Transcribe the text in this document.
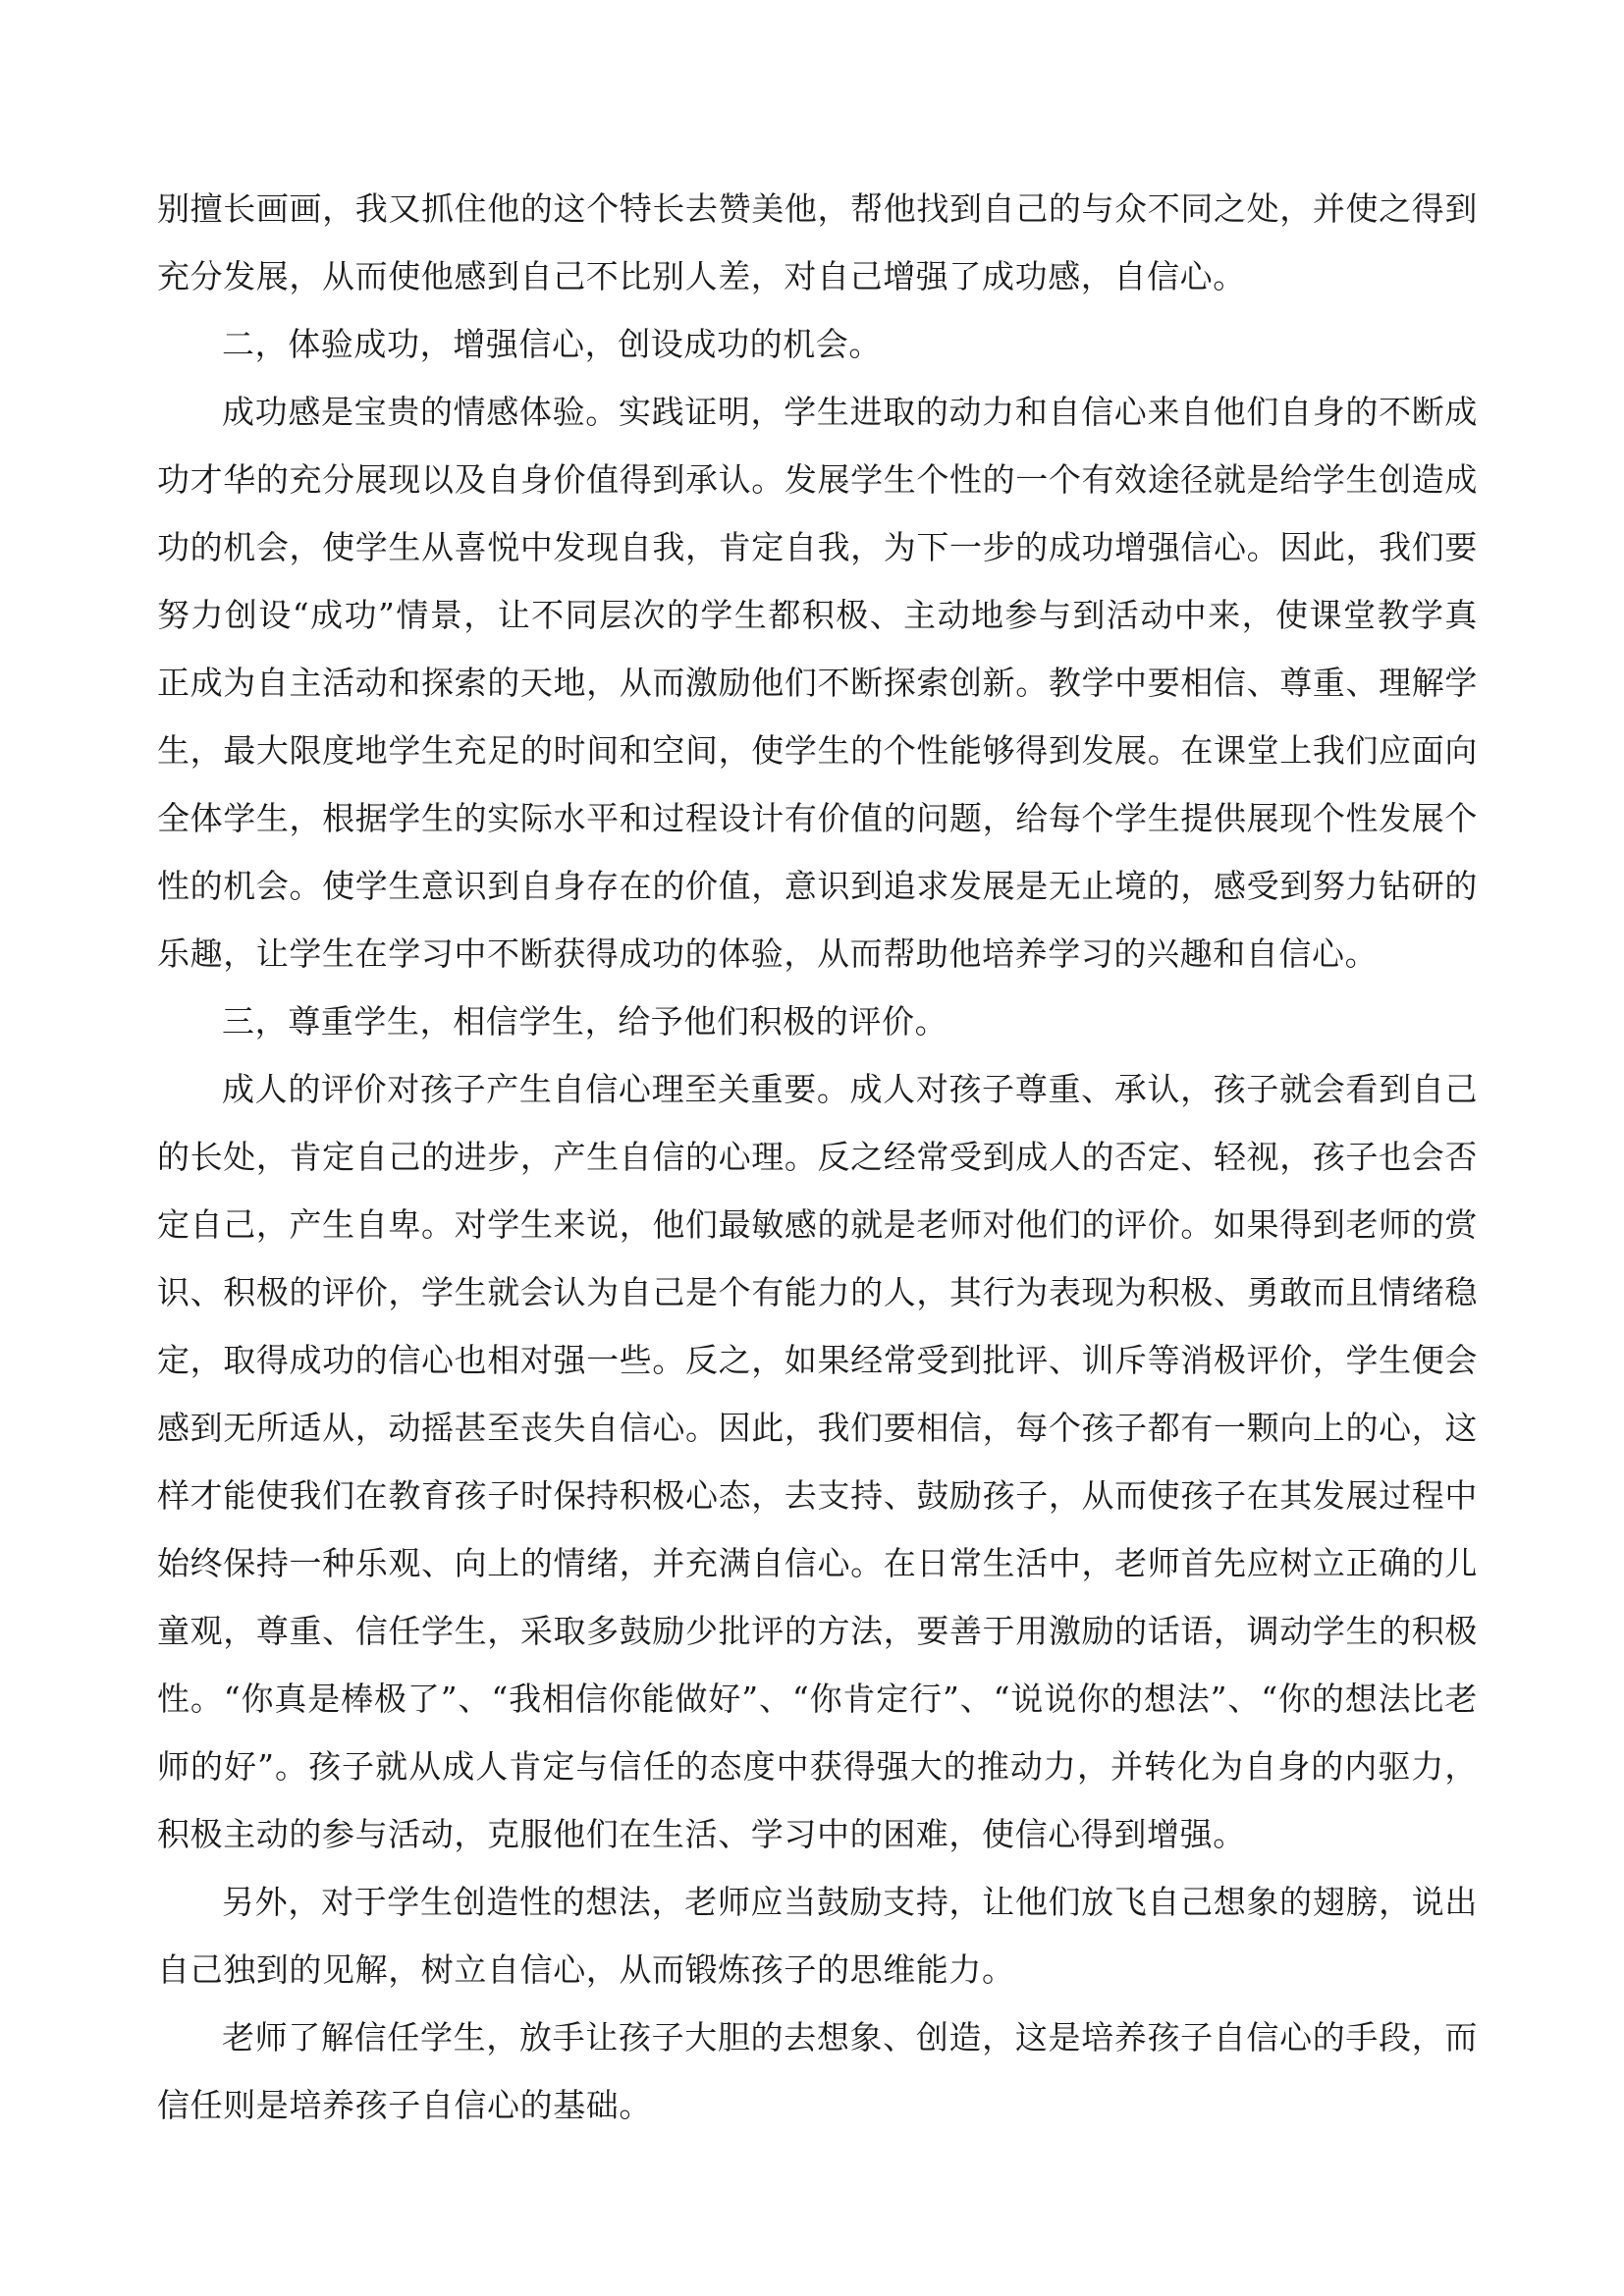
别擅长画画，我又抓住他的这个特长去赞美他，帮他找到自己的与众不同之处，并使之得到充分发展，从而使他感到自己不比别人差，对自己增强了成功感，自信心。

二，体验成功，增强信心，创设成功的机会。

成功感是宝贵的情感体验。实践证明，学生进取的动力和自信心来自他们自身的不断成功才华的充分展现以及自身价值得到承认。发展学生个性的一个有效途径就是给学生创造成功的机会，使学生从喜悦中发现自我，肯定自我，为下一步的成功增强信心。因此，我们要努力创设“成功”情景，让不同层次的学生都积极、主动地参与到活动中来，使课堂教学真正成为自主活动和探索的天地，从而激励他们不断探索创新。教学中要相信、尊重、理解学生，最大限度地学生充足的时间和空间，使学生的个性能够得到发展。在课堂上我们应面向全体学生，根据学生的实际水平和过程设计有价值的问题，给每个学生提供展现个性发展个性的机会。使学生意识到自身存在的价值，意识到追求发展是无止境的，感受到努力钻研的乐趣，让学生在学习中不断获得成功的体验，从而帮助他培养学习的兴趣和自信心。

三，尊重学生，相信学生，给予他们积极的评价。

成人的评价对孩子产生自信心理至关重要。成人对孩子尊重、承认，孩子就会看到自己的长处，肯定自己的进步，产生自信的心理。反之经常受到成人的否定、轻视，孩子也会否定自己，产生自卑。对学生来说，他们最敏感的就是老师对他们的评价。如果得到老师的赏识、积极的评价，学生就会认为自己是个有能力的人，其行为表现为积极、勇敢而且情绪稳定，取得成功的信心也相对强一些。反之，如果经常受到批评、训斥等消极评价，学生便会感到无所适从，动摇甚至丧失自信心。因此，我们要相信，每个孩子都有一颗向上的心，这样才能使我们在教育孩子时保持积极心态，去支持、鼓励孩子，从而使孩子在其发展过程中始终保持一种乐观、向上的情绪，并充满自信心。在日常生活中，老师首先应树立正确的儿童观，尊重、信任学生，采取多鼓励少批评的方法，要善于用激励的话语，调动学生的积极性。“你真是棒极了”、“我相信你能做好”、“你肯定行”、“说说你的想法”、“你的想法比老师的好”。孩子就从成人肯定与信任的态度中获得强大的推动力，并转化为自身的内驱力，积极主动的参与活动，克服他们在生活、学习中的困难，使信心得到增强。

另外，对于学生创造性的想法，老师应当鼓励支持，让他们放飞自己想象的翅膀，说出自己独到的见解，树立自信心，从而锻炼孩子的思维能力。

老师了解信任学生，放手让孩子大胆的去想象、创造，这是培养孩子自信心的手段，而信任则是培养孩子自信心的基础。
